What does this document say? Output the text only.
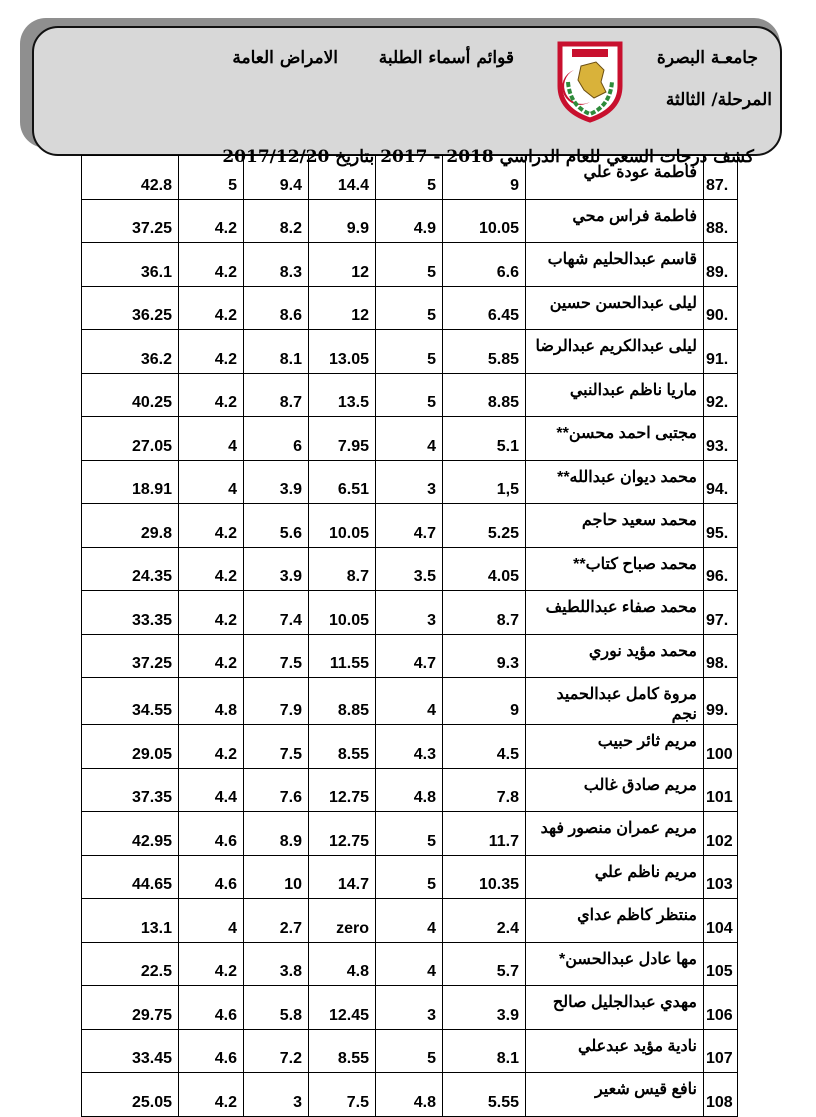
جامعـة البصرة
المرحلة/ الثالثة
قوائم أسماء الطلبة
الامراض العامة
كشف درجات السعي للعام الدراسي 2018 - 2017 بتاريخ 2017/12/20
42.8	5	9.4	14.4	5	9	فاطمة عودة علي	87.
37.25	4.2	8.2	9.9	4.9	10.05	فاطمة فراس محي	88.
36.1	4.2	8.3	12	5	6.6	قاسم عبدالحليم شهاب	89.
36.25	4.2	8.6	12	5	6.45	ليلى عبدالحسن حسين	90.
36.2	4.2	8.1	13.05	5	5.85	ليلى عبدالكريم عبدالرضا	91.
40.25	4.2	8.7	13.5	5	8.85	ماريا ناظم عبدالنبي	92.
27.05	4	6	7.95	4	5.1	مجتبى احمد محسن**	93.
18.91	4	3.9	6.51	3	1,5	محمد ديوان عبدالله**	94.
29.8	4.2	5.6	10.05	4.7	5.25	محمد سعيد حاجم	95.
24.35	4.2	3.9	8.7	3.5	4.05	محمد صباح كتاب**	96.
33.35	4.2	7.4	10.05	3	8.7	محمد صفاء عبداللطيف	97.
37.25	4.2	7.5	11.55	4.7	9.3	محمد مؤيد نوري	98.
34.55	4.8	7.9	8.85	4	9	مروة كامل عبدالحميد نجم	99.
29.05	4.2	7.5	8.55	4.3	4.5	مريم ثائر حبيب	100
37.35	4.4	7.6	12.75	4.8	7.8	مريم صادق غالب	101
42.95	4.6	8.9	12.75	5	11.7	مريم عمران منصور فهد	102
44.65	4.6	10	14.7	5	10.35	مريم ناظم علي	103
13.1	4	2.7	zero	4	2.4	منتظر كاظم عداي	104
22.5	4.2	3.8	4.8	4	5.7	مها عادل عبدالحسن*	105
29.75	4.6	5.8	12.45	3	3.9	مهدي عبدالجليل صالح	106
33.45	4.6	7.2	8.55	5	8.1	نادية مؤيد عبدعلي	107
25.05	4.2	3	7.5	4.8	5.55	نافع قيس شعير	108
